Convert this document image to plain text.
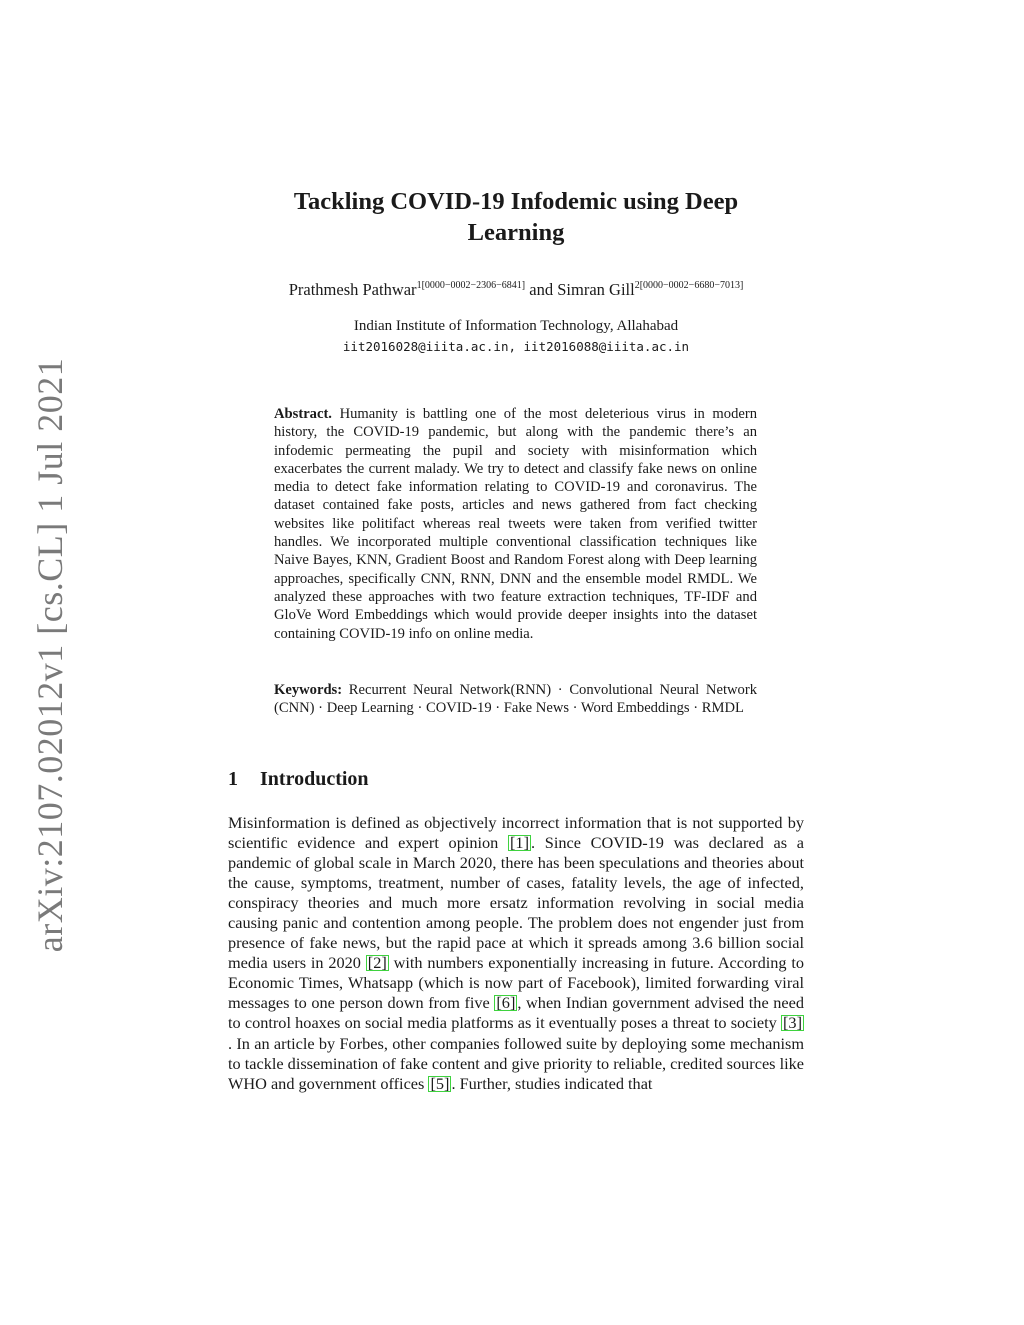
arXiv:2107.02012v1 [cs.CL] 1 Jul 2021
Tackling COVID-19 Infodemic using Deep
Learning
Prathmesh Pathwar$^{1[0000-0002-2306-6841]}$ and Simran Gill$^{2[0000-0002-6680-7013]}$
Indian Institute of Information Technology, Allahabad
iit2016028@iiita.ac.in, iit2016088@iiita.ac.in
Abstract. Humanity is battling one of the most deleterious virus in modern history, the COVID-19 pandemic, but along with the pandemic there’s an infodemic permeating the pupil and society with misinformation which exacerbates the current malady. We try to detect and classify fake news on online media to detect fake information relating to COVID-19 and coronavirus. The dataset contained fake posts, articles and news gathered from fact checking websites like politifact whereas real tweets were taken from verified twitter handles. We incorporated multiple conventional classification techniques like Naive Bayes, KNN, Gradient Boost and Random Forest along with Deep learning approaches, specifically CNN, RNN, DNN and the ensemble model RMDL. We analyzed these approaches with two feature extraction techniques, TF-IDF and GloVe Word Embeddings which would provide deeper insights into the dataset containing COVID-19 info on online media.
Keywords: Recurrent Neural Network(RNN) · Convolutional Neural Network (CNN) · Deep Learning · COVID-19 · Fake News · Word Embeddings · RMDL
1 Introduction
Misinformation is defined as objectively incorrect information that is not supported by scientific evidence and expert opinion [1] . Since COVID-19 was declared as a pandemic of global scale in March 2020, there has been speculations and theories about the cause, symptoms, treatment, number of cases, fatality levels, the age of infected, conspiracy theories and much more ersatz information revolving in social media causing panic and contention among people. The problem does not engender just from presence of fake news, but the rapid pace at which it spreads among 3.6 billion social media users in 2020 [2] with numbers exponentially increasing in future. According to Economic Times, Whatsapp (which is now part of Facebook), limited forwarding viral messages to one person down from five [6] , when Indian government advised the need to control hoaxes on social media platforms as it eventually poses a threat to society [3]. In an article by Forbes, other companies followed suite by deploying some mechanism to tackle dissemination of fake content and give priority to reliable, credited sources like WHO and government offices [5] . Further, studies indicated that
